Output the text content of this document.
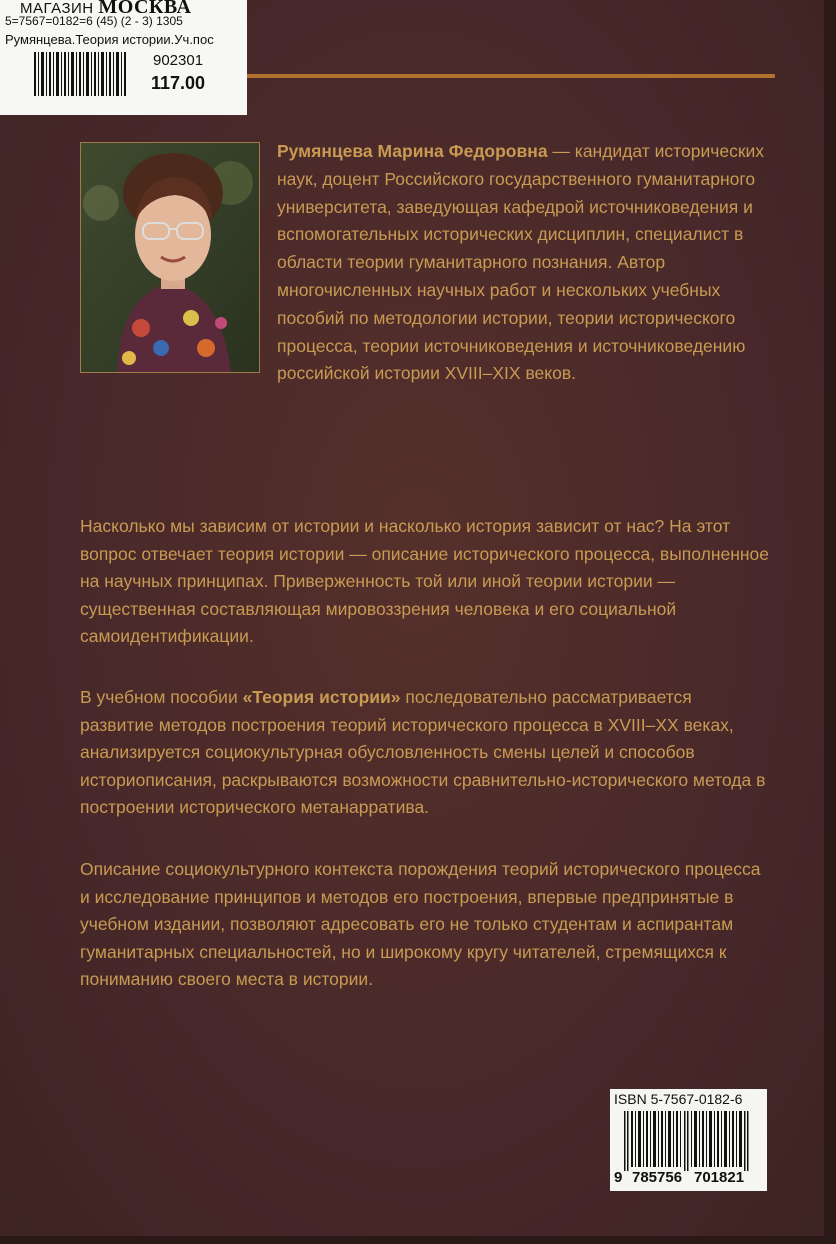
МАГАЗИН МОСКВА
5=7567=0182=6 (45) (2 - 3) 1305
Румянцева.Теория истории.Уч.пос
902301
117.00
Румянцева Марина Федоровна — кандидат исторических наук, доцент Российского государственного гуманитарного университета, заведующая кафедрой источниковедения и вспомогательных исторических дисциплин, специалист в области теории гуманитарного познания. Автор многочисленных научных работ и нескольких учебных пособий по методологии истории, теории исторического процесса, теории источниковедения и источниковедению российской истории XVIII–XIX веков.
Насколько мы зависим от истории и насколько история зависит от нас? На этот вопрос отвечает теория истории — описание исторического процесса, выполненное на научных принципах. Приверженность той или иной теории истории — существенная составляющая мировоззрения человека и его социальной самоидентификации.
В учебном пособии «Теория истории» последовательно рассматривается развитие методов построения теорий исторического процесса в XVIII–XX веках, анализируется социокультурная обусловленность смены целей и способов историописания, раскрываются возможности сравнительно-исторического метода в построении исторического метанарратива.
Описание социокультурного контекста порождения теорий исторического процесса и исследование принципов и методов его построения, впервые предпринятые в учебном издании, позволяют адресовать его не только студентам и аспирантам гуманитарных специальностей, но и широкому кругу читателей, стремящихся к пониманию своего места в истории.
ISBN 5-7567-0182-6
9 785756 701821
